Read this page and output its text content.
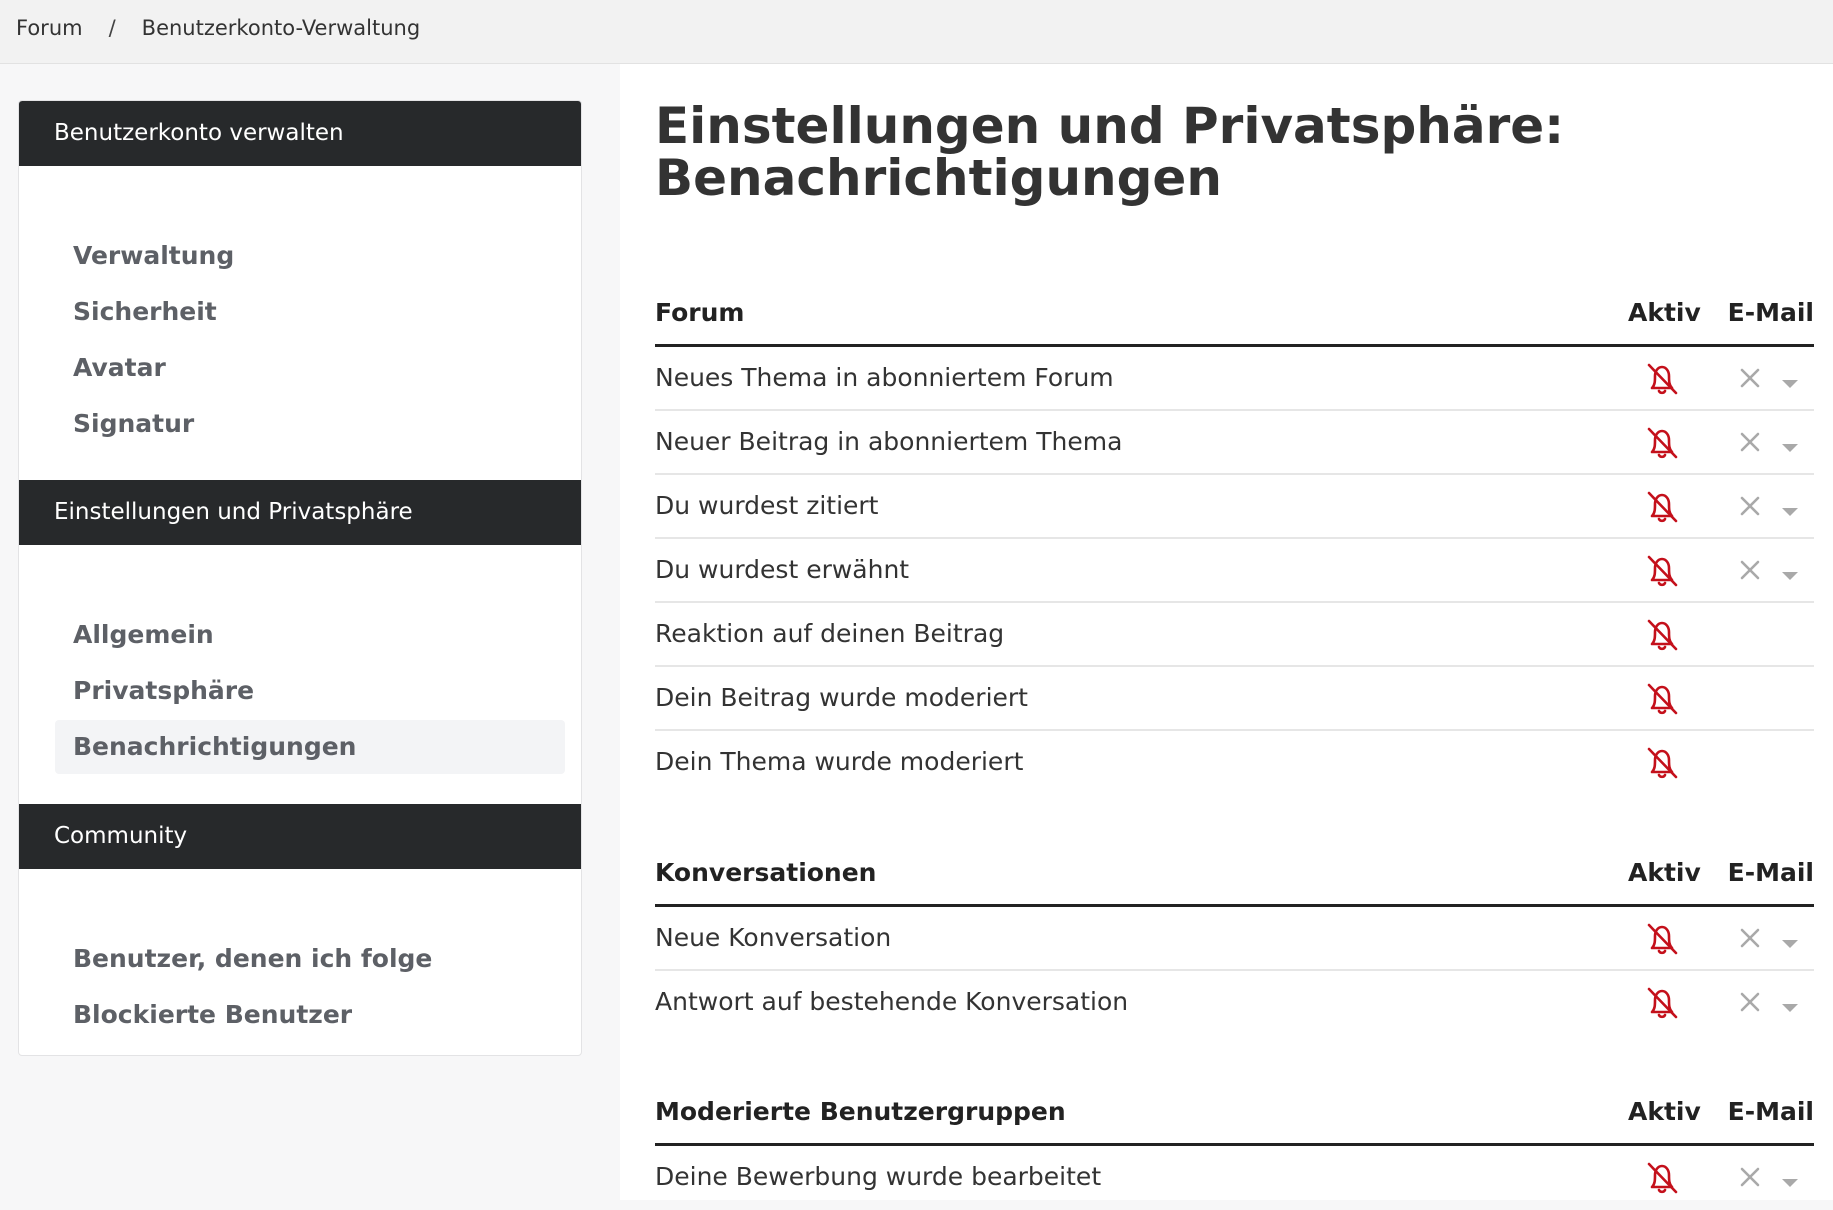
Forum / Benutzerkonto-Verwaltung
Benutzerkonto verwalten
Verwaltung
Sicherheit
Avatar
Signatur
Einstellungen und Privatsphäre
Allgemein
Privatsphäre
Benachrichtigungen
Community
Benutzer, denen ich folge
Blockierte Benutzer
Einstellungen und Privatsphäre:
Benachrichtigungen
Forum	Aktiv E-Mail
Neues Thema in abonniertem Forum
Neuer Beitrag in abonniertem Thema
Du wurdest zitiert
Du wurdest erwähnt
Reaktion auf deinen Beitrag
Dein Beitrag wurde moderiert
Dein Thema wurde moderiert
Konversationen	Aktiv E-Mail
Neue Konversation
Antwort auf bestehende Konversation
Moderierte Benutzergruppen	Aktiv E-Mail
Deine Bewerbung wurde bearbeitet
